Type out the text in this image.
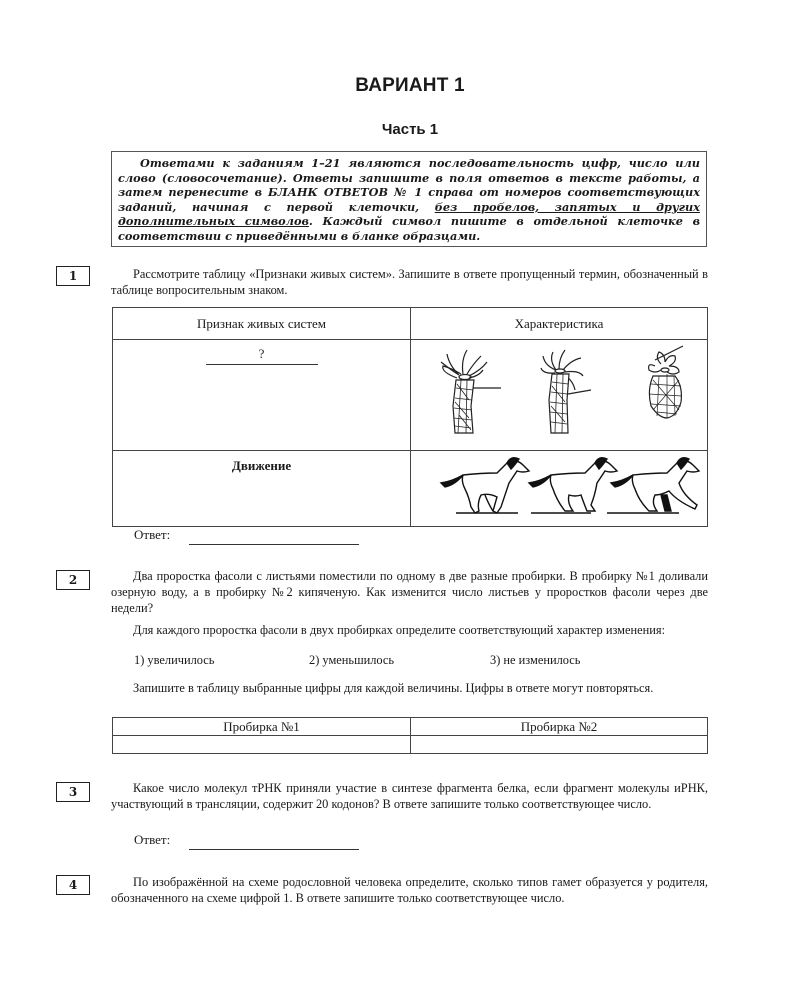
ВАРИАНТ 1
Часть 1

Ответами к заданиям 1–21 являются последовательность цифр, число или слово (словосочетание). Ответы запишите в поля ответов в тексте работы, а затем перенесите в БЛАНК ОТВЕТОВ № 1 справа от номеров соответствующих заданий, начиная с первой клеточки, без пробелов, запятых и других дополнительных символов. Каждый символ пишите в отдельной клеточке в соответствии с приведёнными в бланке образцами.

1	Рассмотрите таблицу «Признаки живых систем». Запишите в ответе пропущенный термин, обозначенный в таблице вопросительным знаком.

Признак живых систем	Характеристика

?

Движение

Ответ:
2	Два проростка фасоли с листьями поместили по одному в две разные пробирки. В пробирку №1 доливали озерную воду, а в пробирку №2 кипяченую. Как изменится число листьев у проростков фасоли через две недели?

Для каждого проростка фасоли в двух пробирках определите соответствующий характер изменения:

1) увеличилось	2) уменьшилось	3) не изменилось

Запишите в таблицу выбранные цифры для каждой величины. Цифры в ответе могут повторяться.

Пробирка №1	Пробирка №2

3	Какое число молекул тРНК приняли участие в синтезе фрагмента белка, если фрагмент молекулы иРНК, участвующий в трансляции, содержит 20 кодонов? В ответе запишите только соответствующее число.

Ответ:
4	По изображённой на схеме родословной человека определите, сколько типов гамет образуется у родителя, обозначенного на схеме цифрой 1. В ответе запишите только соответствующее число.
